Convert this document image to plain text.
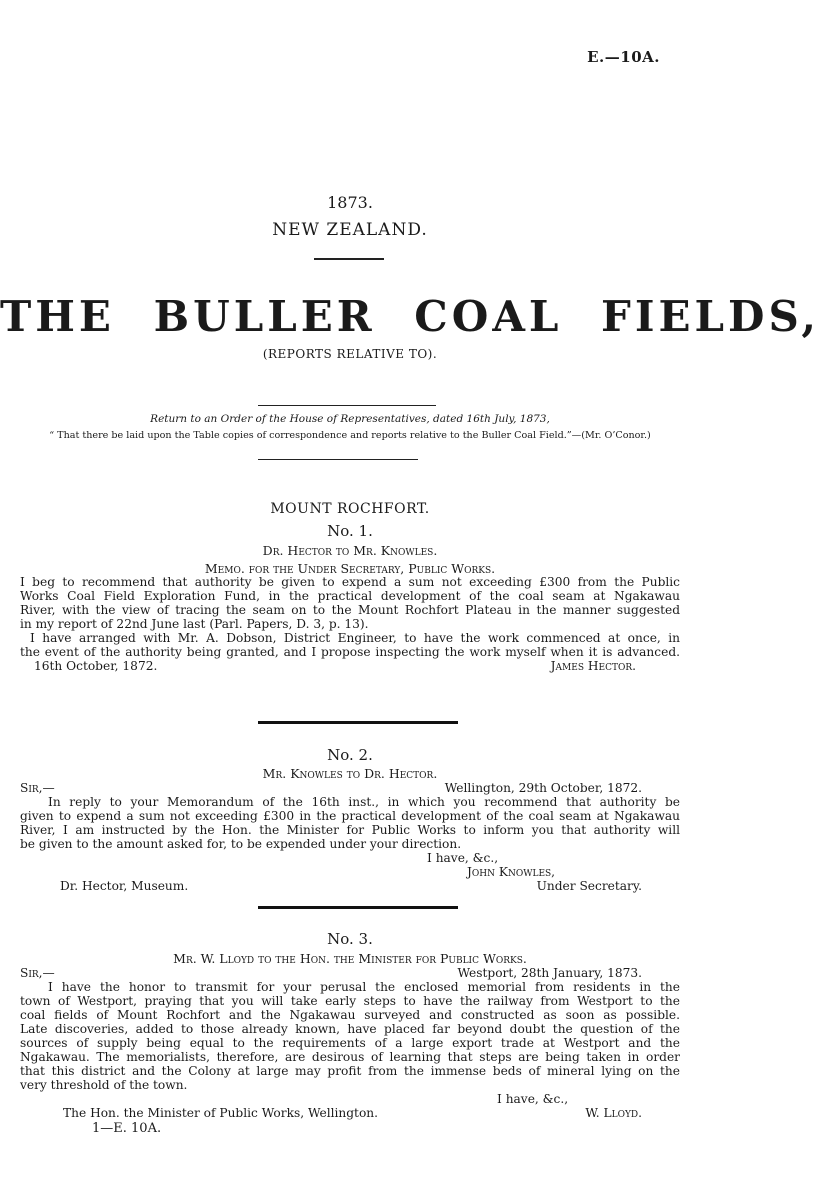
E.—10A.
1873.
NEW ZEALAND.
THE BULLER COAL FIELDS,
(REPORTS RELATIVE TO).
Return to an Order of the House of Representatives, dated 16th July, 1873,
“ That there be laid upon the Table copies of correspondence and reports relative to the Buller Coal Field.”—(Mr. O’Conor.)
MOUNT ROCHFORT.
No. 1.
Dr. Hector to Mr. Knowles.
Memo. for the Under Secretary, Public Works.
I beg to recommend that authority be given to expend a sum not exceeding £300 from the Public
Works Coal Field Exploration Fund, in the practical development of the coal seam at Ngakawau
River, with the view of tracing the seam on to the Mount Rochfort Plateau in the manner suggested
in my report of 22nd June last (Parl. Papers, D. 3, p. 13).
I have arranged with Mr. A. Dobson, District Engineer, to have the work commenced at once, in
the event of the authority being granted, and I propose inspecting the work myself when it is advanced.
16th October, 1872.	James Hector.
No. 2.
Mr. Knowles to Dr. Hector.
Sir,—	Wellington, 29th October, 1872.
In reply to your Memorandum of the 16th inst., in which you recommend that authority be
given to expend a sum not exceeding £300 in the practical development of the coal seam at Ngakawau
River, I am instructed by the Hon. the Minister for Public Works to inform you that authority will
be given to the amount asked for, to be expended under your direction.
I have, &c.,
John Knowles,
Dr. Hector, Museum.	Under Secretary.
No. 3.
Mr. W. Lloyd to the Hon. the Minister for Public Works.
Sir,—	Westport, 28th January, 1873.
I have the honor to transmit for your perusal the enclosed memorial from residents in the
town of Westport, praying that you will take early steps to have the railway from Westport to the
coal fields of Mount Rochfort and the Ngakawau surveyed and constructed as soon as possible.
Late discoveries, added to those already known, have placed far beyond doubt the question of the
sources of supply being equal to the requirements of a large export trade at Westport and the
Ngakawau. The memorialists, therefore, are desirous of learning that steps are being taken in order
that this district and the Colony at large may profit from the immense beds of mineral lying on the
very threshold of the town.
I have, &c.,
The Hon. the Minister of Public Works, Wellington.	W. Lloyd.
1—E. 10A.
